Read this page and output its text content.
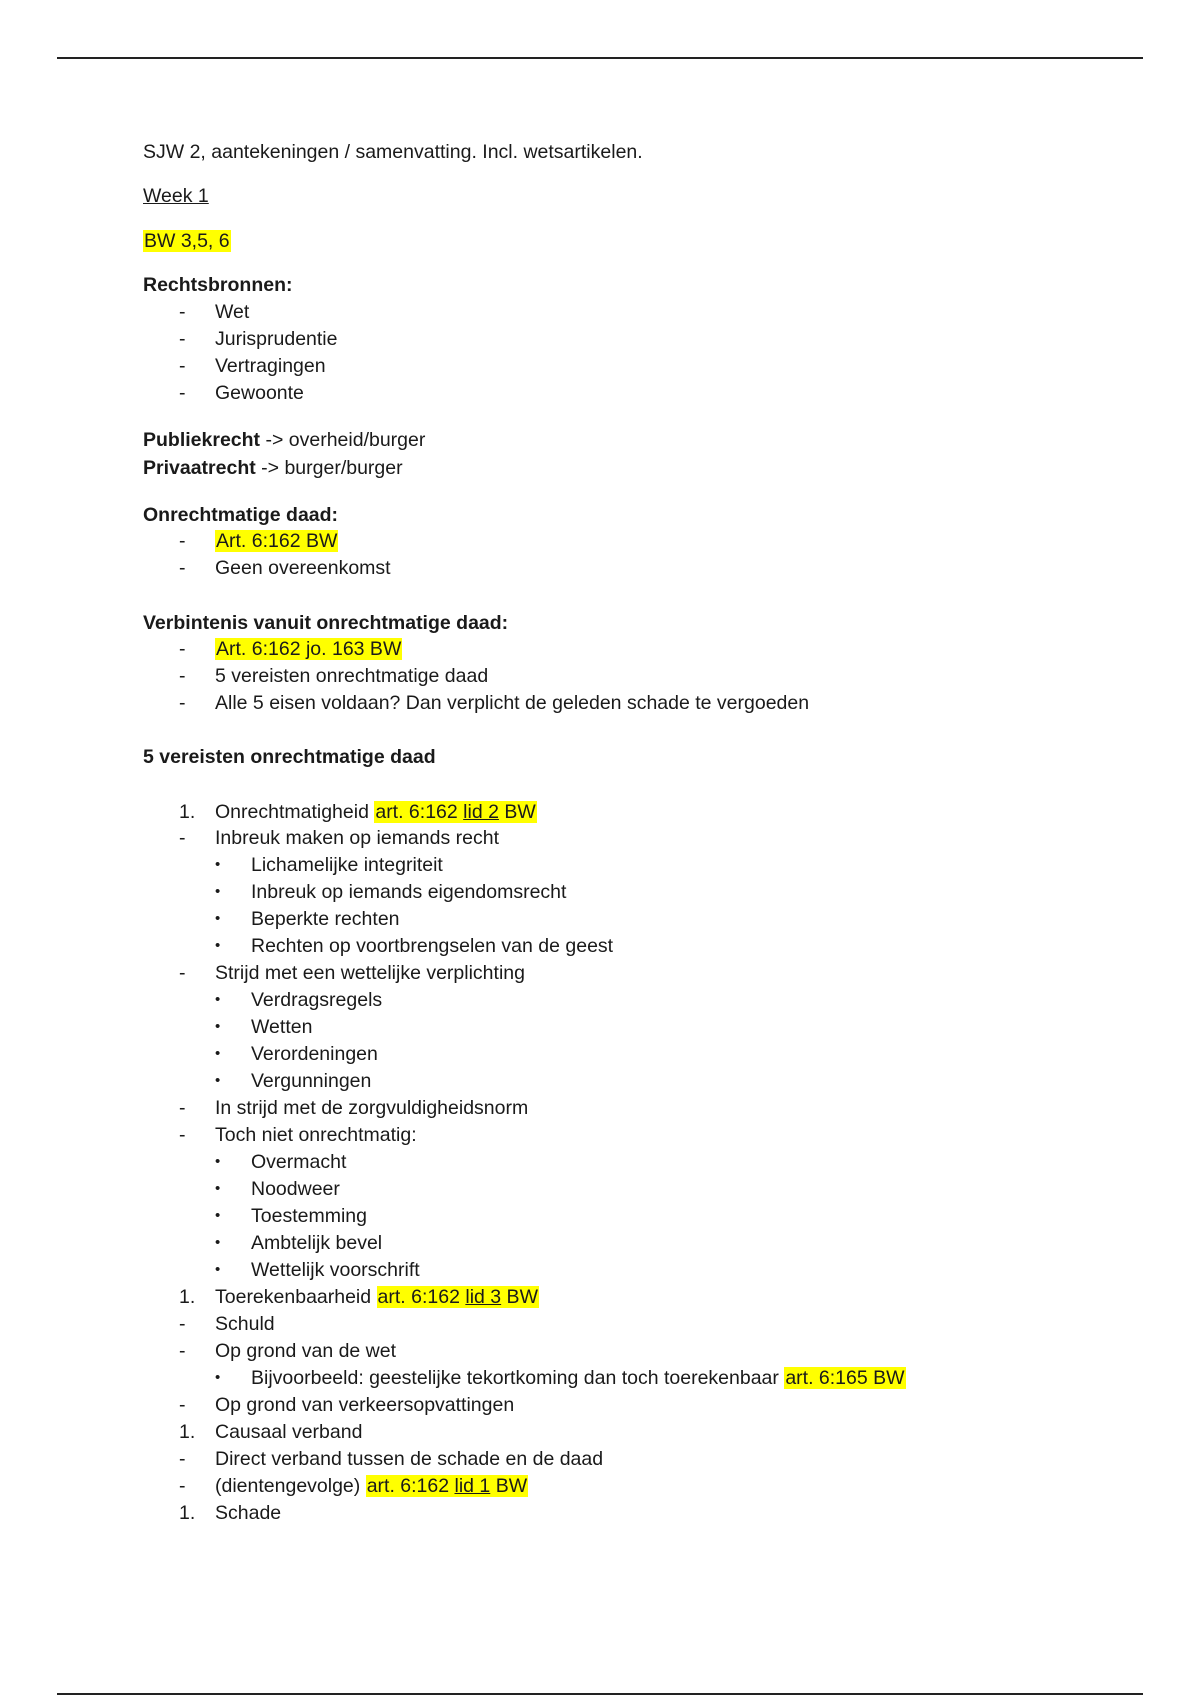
SJW 2, aantekeningen / samenvatting. Incl. wetsartikelen.
Week 1
BW 3,5, 6
Rechtsbronnen:
- Wet
- Jurisprudentie
- Vertragingen
- Gewoonte
Publiekrecht -> overheid/burger
Privaatrecht -> burger/burger
Onrechtmatige daad:
- Art. 6:162 BW
- Geen overeenkomst
Verbintenis vanuit onrechtmatige daad:
- Art. 6:162 jo. 163 BW
- 5 vereisten onrechtmatige daad
- Alle 5 eisen voldaan? Dan verplicht de geleden schade te vergoeden
5 vereisten onrechtmatige daad
1. Onrechtmatigheid art. 6:162 lid 2 BW
- Inbreuk maken op iemands recht
• Lichamelijke integriteit
• Inbreuk op iemands eigendomsrecht
• Beperkte rechten
• Rechten op voortbrengselen van de geest
- Strijd met een wettelijke verplichting
• Verdragsregels
• Wetten
• Verordeningen
• Vergunningen
- In strijd met de zorgvuldigheidsnorm
- Toch niet onrechtmatig:
• Overmacht
• Noodweer
• Toestemming
• Ambtelijk bevel
• Wettelijk voorschrift
1. Toerekenbaarheid art. 6:162 lid 3 BW
- Schuld
- Op grond van de wet
• Bijvoorbeeld: geestelijke tekortkoming dan toch toerekenbaar art. 6:165 BW
- Op grond van verkeersopvattingen
1. Causaal verband
- Direct verband tussen de schade en de daad
- (dientengevolge) art. 6:162 lid 1 BW
1. Schade
